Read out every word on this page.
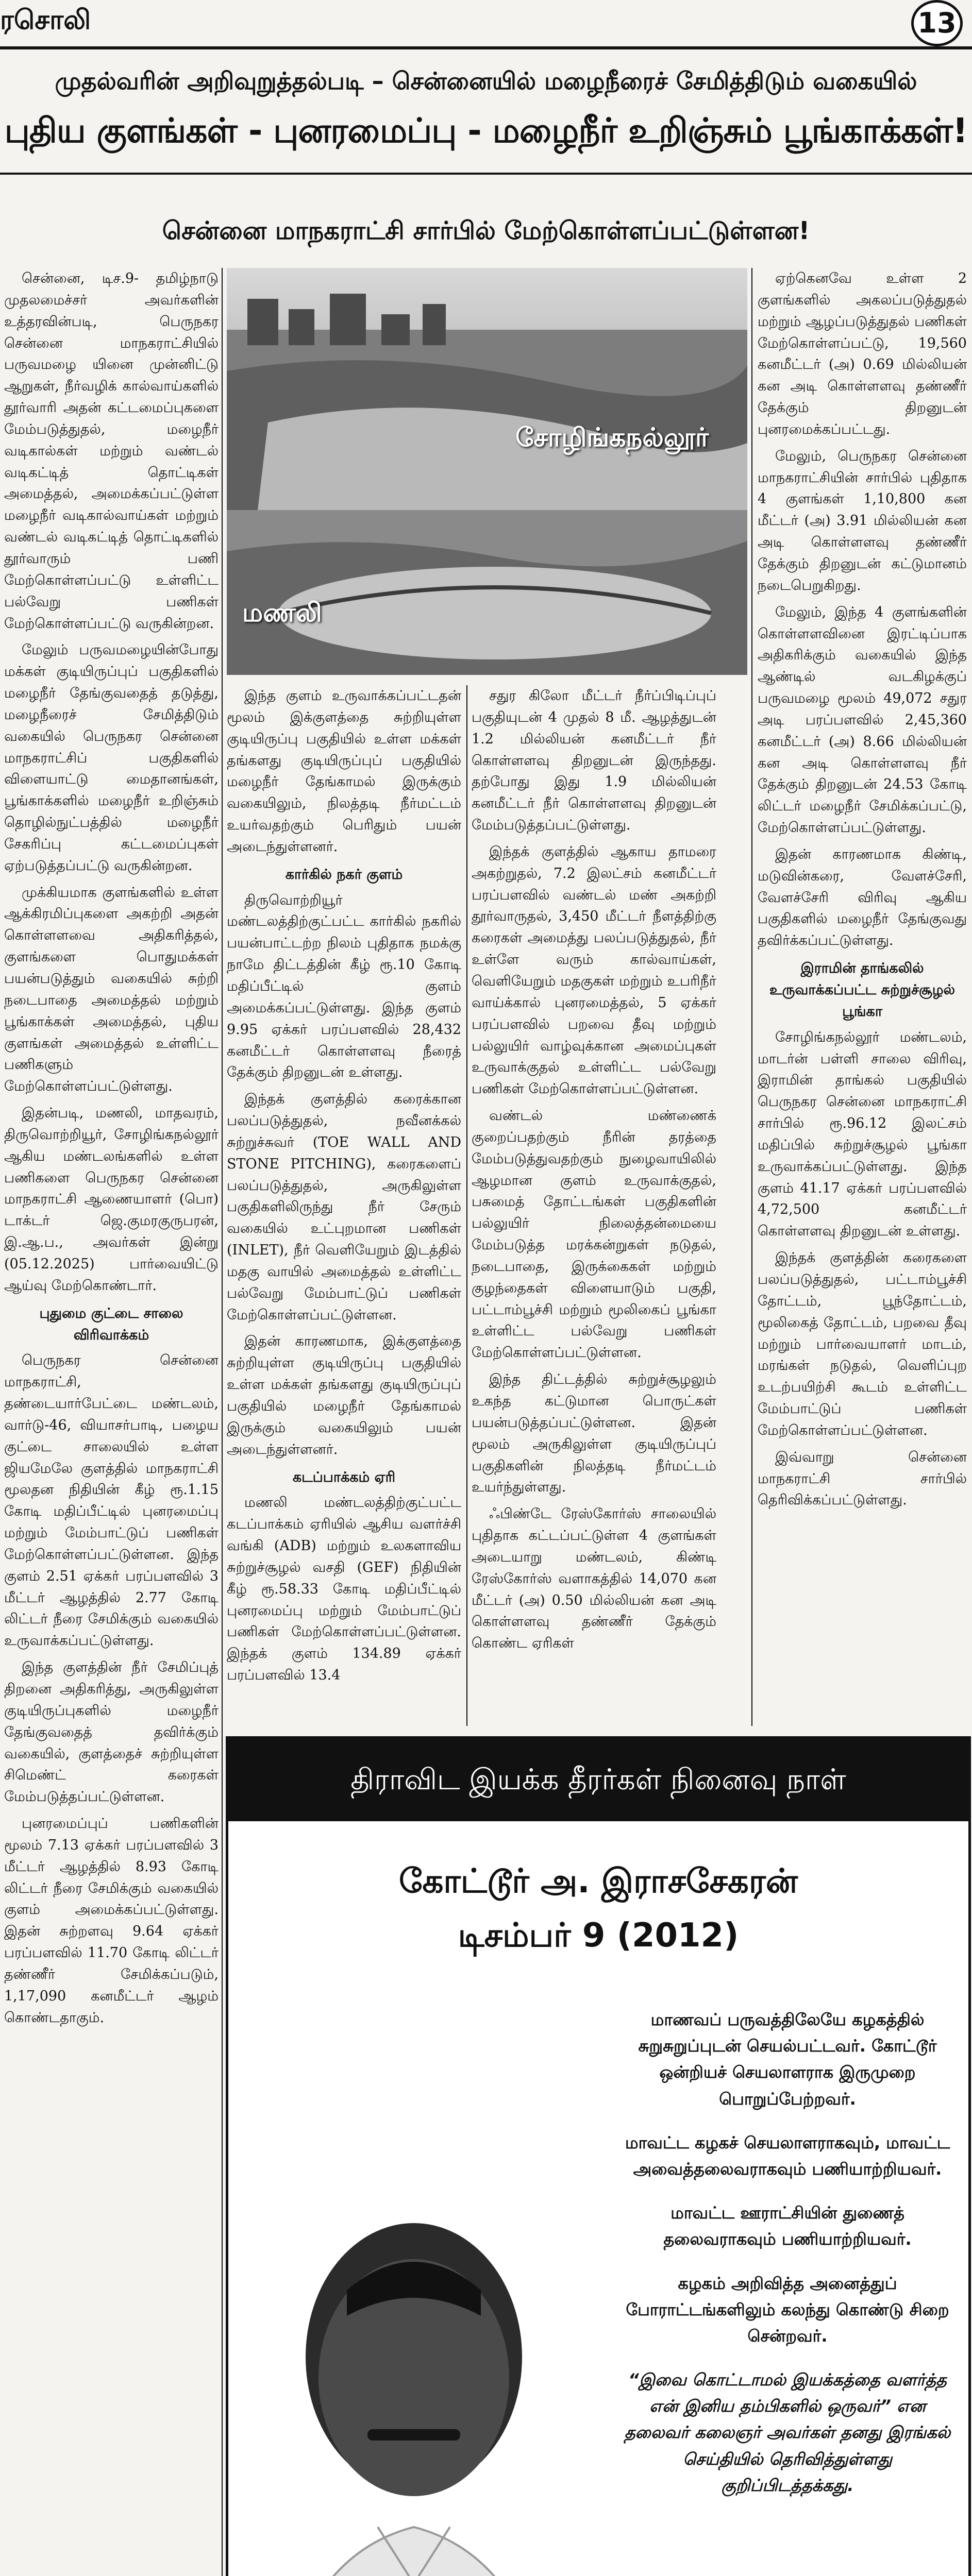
ரசொலி	13
முதல்வரின் அறிவுறுத்தல்படி – சென்னையில் மழைநீரைச் சேமித்திடும் வகையில்
புதிய குளங்கள் - புனரமைப்பு - மழைநீர் உறிஞ்சும் பூங்காக்கள்!
சென்னை மாநகராட்சி சார்பில் மேற்கொள்ளப்பட்டுள்ளன!

சென்னை, டிச.9- தமிழ்நாடு முதலமைச்சர் அவர்களின் உத்தரவின்படி, பெருநகர சென்னை மாநகராட்சியில் பருவமழை யினை முன்னிட்டு ஆறுகள், நீர்வழிக் கால்வாய்களில் தூர்வாரி அதன் கட்டமைப்புகளை மேம்படுத்துதல், மழைநீர் வடிகால்கள் மற்றும் வண்டல் வடிகட்டித் தொட்டிகள் அமைத்தல், அமைக்கப்பட்டுள்ள மழைநீர் வடிகால்வாய்கள் மற்றும் வண்டல் வடிகட்டித் தொட்டிகளில் தூர்வாரும் பணி மேற்கொள்ளப்பட்டு உள்ளிட்ட பல்வேறு பணிகள் மேற்கொள்ளப்பட்டு வருகின்றன.

மேலும் பருவமழையின்போது மக்கள் குடியிருப்புப் பகுதிகளில் மழைநீர் தேங்குவதைத் தடுத்து, மழைநீரைச் சேமித்திடும் வகையில் பெருநகர சென்னை மாநகராட்சிப் பகுதிகளில் விளையாட்டு மைதானங்கள், பூங்காக்களில் மழைநீர் உறிஞ்சும் தொழில்நுட்பத்தில் மழைநீர் சேகரிப்பு கட்டமைப்புகள் ஏற்படுத்தப்பட்டு வருகின்றன.

முக்கியமாக குளங்களில் உள்ள ஆக்கிரமிப்புகளை அகற்றி அதன் கொள்ளளவை அதிகரித்தல், குளங்களை பொதுமக்கள் பயன்படுத்தும் வகையில் சுற்றி நடைபாதை அமைத்தல் மற்றும் பூங்காக்கள் அமைத்தல், புதிய குளங்கள் அமைத்தல் உள்ளிட்ட பணிகளும் மேற்கொள்ளப்பட்டுள்ளது.

இதன்படி, மணலி, மாதவரம், திருவொற்றியூர், சோழிங்கநல்லூர் ஆகிய மண்டலங்களில் உள்ள பணிகளை பெருநகர சென்னை மாநகராட்சி ஆணையாளர் (பொ) டாக்டர் ஜெ.குமரகுருபரன், இ.ஆ.ப., அவர்கள் இன்று (05.12.2025) பார்வையிட்டு ஆய்வு மேற்கொண்டார்.

புதுமை குட்டை சாலை விரிவாக்கம்

பெருநகர சென்னை மாநகராட்சி, தண்டையார்பேட்டை மண்டலம், வார்டு-46, வியாசர்பாடி, பழைய குட்டை சாலையில் உள்ள ஜியமேலே குளத்தில் மாநகராட்சி மூலதன நிதியின் கீழ் ரூ.1.15 கோடி மதிப்பீட்டில் புனரமைப்பு மற்றும் மேம்பாட்டுப் பணிகள் மேற்கொள்ளப்பட்டுள்ளன. இந்த குளம் 2.51 ஏக்கர் பரப்பளவில் 3 மீட்டர் ஆழத்தில் 2.77 கோடி லிட்டர் நீரை சேமிக்கும் வகையில் உருவாக்கப்பட்டுள்ளது.

இந்த குளத்தின் நீர் சேமிப்புத் திறனை அதிகரித்து, அருகிலுள்ள குடியிருப்புகளில் மழைநீர் தேங்குவதைத் தவிர்க்கும் வகையில், குளத்தைச் சுற்றியுள்ள சிமெண்ட் கரைகள் மேம்படுத்தப்பட்டுள்ளன.

புனரமைப்புப் பணிகளின் மூலம் 7.13 ஏக்கர் பரப்பளவில் 3 மீட்டர் ஆழத்தில் 8.93 கோடி லிட்டர் நீரை சேமிக்கும் வகையில் குளம் அமைக்கப்பட்டுள்ளது. இதன் சுற்றளவு 9.64 ஏக்கர் பரப்பளவில் 11.70 கோடி லிட்டர் தண்ணீர் சேமிக்கப்படும், 1,17,090 கனமீட்டர் ஆழம் கொண்டதாகும்.

சோழிங்கநல்லூர்
மணலி

இந்த குளம் உருவாக்கப்பட்டதன் மூலம் இக்குளத்தை சுற்றியுள்ள குடியிருப்பு பகுதியில் உள்ள மக்கள் தங்களது குடியிருப்புப் பகுதியில் மழைநீர் தேங்காமல் இருக்கும் வகையிலும், நிலத்தடி நீர்மட்டம் உயர்வதற்கும் பெரிதும் பயன் அடைந்துள்ளனர்.

கார்கில் நகர் குளம்

திருவொற்றியூர் மண்டலத்திற்குட்பட்ட கார்கில் நகரில் பயன்பாட்டற்ற நிலம் புதிதாக நமக்கு நாமே திட்டத்தின் கீழ் ரூ.10 கோடி மதிப்பீட்டில் குளம் அமைக்கப்பட்டுள்ளது. இந்த குளம் 9.95 ஏக்கர் பரப்பளவில் 28,432 கனமீட்டர் கொள்ளளவு நீரைத் தேக்கும் திறனுடன் உள்ளது.

இந்தக் குளத்தில் கரைக்கான பலப்படுத்துதல், நவீனக்கல் சுற்றுச்சுவர் (TOE WALL AND STONE PITCHING), கரைகளைப் பலப்படுத்துதல், அருகிலுள்ள பகுதிகளிலிருந்து நீர் சேரும் வகையில் உட்புறமான பணிகள் (INLET), நீர் வெளியேறும் இடத்தில் மதகு வாயில் அமைத்தல் உள்ளிட்ட பல்வேறு மேம்பாட்டுப் பணிகள் மேற்கொள்ளப்பட்டுள்ளன.

இதன் காரணமாக, இக்குளத்தை சுற்றியுள்ள குடியிருப்பு பகுதியில் உள்ள மக்கள் தங்களது குடியிருப்புப் பகுதியில் மழைநீர் தேங்காமல் இருக்கும் வகையிலும் பயன் அடைந்துள்ளனர்.

கடப்பாக்கம் ஏரி

மணலி மண்டலத்திற்குட்பட்ட கடப்பாக்கம் ஏரியில் ஆசிய வளர்ச்சி வங்கி (ADB) மற்றும் உலகளாவிய சுற்றுச்சூழல் வசதி (GEF) நிதியின் கீழ் ரூ.58.33 கோடி மதிப்பீட்டில் புனரமைப்பு மற்றும் மேம்பாட்டுப் பணிகள் மேற்கொள்ளப்பட்டுள்ளன. இந்தக் குளம் 134.89 ஏக்கர் பரப்பளவில் 13.4

சதுர கிலோ மீட்டர் நீர்ப்பிடிப்புப் பகுதியுடன் 4 முதல் 8 மீ. ஆழத்துடன் 1.2 மில்லியன் கனமீட்டர் நீர் கொள்ளளவு திறனுடன் இருந்தது. தற்போது இது 1.9 மில்லியன் கனமீட்டர் நீர் கொள்ளளவு திறனுடன் மேம்படுத்தப்பட்டுள்ளது.

இந்தக் குளத்தில் ஆகாய தாமரை அகற்றுதல், 7.2 இலட்சம் கனமீட்டர் பரப்பளவில் வண்டல் மண் அகற்றி தூர்வாருதல், 3,450 மீட்டர் நீளத்திற்கு கரைகள் அமைத்து பலப்படுத்துதல், நீர் உள்ளே வரும் கால்வாய்கள், வெளியேறும் மதகுகள் மற்றும் உபரிநீர் வாய்க்கால் புனரமைத்தல், 5 ஏக்கர் பரப்பளவில் பறவை தீவு மற்றும் பல்லுயிர் வாழ்வுக்கான அமைப்புகள் உருவாக்குதல் உள்ளிட்ட பல்வேறு பணிகள் மேற்கொள்ளப்பட்டுள்ளன.

வண்டல் மண்ணைக் குறைப்பதற்கும் நீரின் தரத்தை மேம்படுத்துவதற்கும் நுழைவாயிலில் ஆழமான குளம் உருவாக்குதல், பசுமைத் தோட்டங்கள் பகுதிகளின் பல்லுயிர் நிலைத்தன்மையை மேம்படுத்த மரக்கன்றுகள் நடுதல், நடைபாதை, இருக்கைகள் மற்றும் குழந்தைகள் விளையாடும் பகுதி, பட்டாம்பூச்சி மற்றும் மூலிகைப் பூங்கா உள்ளிட்ட பல்வேறு பணிகள் மேற்கொள்ளப்பட்டுள்ளன.

இந்த திட்டத்தில் சுற்றுச்சூழலும் உகந்த கட்டுமான பொருட்கள் பயன்படுத்தப்பட்டுள்ளன. இதன் மூலம் அருகிலுள்ள குடியிருப்புப் பகுதிகளின் நிலத்தடி நீர்மட்டம் உயர்ந்துள்ளது.

ஃபிண்டே ரேஸ்கோர்ஸ் சாலையில் புதிதாக கட்டப்பட்டுள்ள 4 குளங்கள் அடையாறு மண்டலம், கிண்டி ரேஸ்கோர்ஸ் வளாகத்தில் 14,070 கன மீட்டர் (அ) 0.50 மில்லியன் கன அடி கொள்ளளவு தண்ணீர் தேக்கும் கொண்ட ஏரிகள்

ஏற்கெனவே உள்ள 2 குளங்களில் அகலப்படுத்துதல் மற்றும் ஆழப்படுத்துதல் பணிகள் மேற்கொள்ளப்பட்டு, 19,560 கனமீட்டர் (அ) 0.69 மில்லியன் கன அடி கொள்ளளவு தண்ணீர் தேக்கும் திறனுடன் புனரமைக்கப்பட்டது.

மேலும், பெருநகர சென்னை மாநகராட்சியின் சார்பில் புதிதாக 4 குளங்கள் 1,10,800 கன மீட்டர் (அ) 3.91 மில்லியன் கன அடி கொள்ளளவு தண்ணீர் தேக்கும் திறனுடன் கட்டுமானம் நடைபெறுகிறது.

மேலும், இந்த 4 குளங்களின் கொள்ளளவினை இரட்டிப்பாக அதிகரிக்கும் வகையில் இந்த ஆண்டில் வடகிழக்குப் பருவமழை மூலம் 49,072 சதுர அடி பரப்பளவில் 2,45,360 கனமீட்டர் (அ) 8.66 மில்லியன் கன அடி கொள்ளளவு நீர் தேக்கும் திறனுடன் 24.53 கோடி லிட்டர் மழைநீர் சேமிக்கப்பட்டு, மேற்கொள்ளப்பட்டுள்ளது.

இதன் காரணமாக கிண்டி, மடுவின்கரை, வேளச்சேரி, வேளச்சேரி விரிவு ஆகிய பகுதிகளில் மழைநீர் தேங்குவது தவிர்க்கப்பட்டுள்ளது.

இராமின் தாங்கலில் உருவாக்கப்பட்ட சுற்றுச்சூழல் பூங்கா

சோழிங்கநல்லூர் மண்டலம், மாடர்ன் பள்ளி சாலை விரிவு, இராமின் தாங்கல் பகுதியில் பெருநகர சென்னை மாநகராட்சி சார்பில் ரூ.96.12 இலட்சம் மதிப்பில் சுற்றுச்சூழல் பூங்கா உருவாக்கப்பட்டுள்ளது. இந்த குளம் 41.17 ஏக்கர் பரப்பளவில் 4,72,500 கனமீட்டர் கொள்ளளவு திறனுடன் உள்ளது.

இந்தக் குளத்தின் கரைகளை பலப்படுத்துதல், பட்டாம்பூச்சி தோட்டம், பூந்தோட்டம், மூலிகைத் தோட்டம், பறவை தீவு மற்றும் பார்வையாளர் மாடம், மரங்கள் நடுதல், வெளிப்புற உடற்பயிற்சி கூடம் உள்ளிட்ட மேம்பாட்டுப் பணிகள் மேற்கொள்ளப்பட்டுள்ளன.

இவ்வாறு சென்னை மாநகராட்சி சார்பில் தெரிவிக்கப்பட்டுள்ளது.

திராவிட இயக்க தீரர்கள் நினைவு நாள்
கோட்டூர் அ. இராசசேகரன்
டிசம்பர் 9 (2012)

மாணவப் பருவத்திலேயே கழகத்தில் சுறுசுறுப்புடன் செயல்பட்டவர். கோட்டூர் ஒன்றியச் செயலாளராக இருமுறை பொறுப்பேற்றவர்.

மாவட்ட கழகச் செயலாளராகவும், மாவட்ட அவைத்தலைவராகவும் பணியாற்றியவர்.

மாவட்ட ஊராட்சியின் துணைத் தலைவராகவும் பணியாற்றியவர்.

கழகம் அறிவித்த அனைத்துப் போராட்டங்களிலும் கலந்து கொண்டு சிறை சென்றவர்.

“இவை கொட்டாமல் இயக்கத்தை வளர்த்த என் இனிய தம்பிகளில் ஒருவர்” என தலைவர் கலைஞர் அவர்கள் தனது இரங்கல் செய்தியில் தெரிவித்துள்ளது குறிப்பிடத்தக்கது.
